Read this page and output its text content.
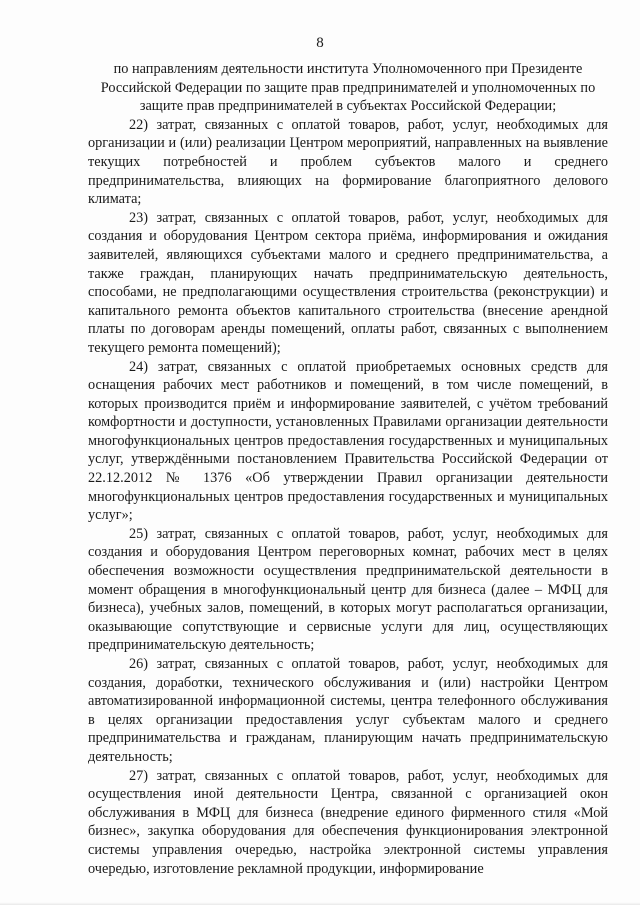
8

по направлениям деятельности института Уполномоченного при Президенте Российской Федерации по защите прав предпринимателей и уполномоченных по защите прав предпринимателей в субъектах Российской Федерации;

22) затрат, связанных с оплатой товаров, работ, услуг, необходимых для организации и (или) реализации Центром мероприятий, направленных на выявление текущих потребностей и проблем субъектов малого и среднего предпринимательства, влияющих на формирование благоприятного делового климата;

23) затрат, связанных с оплатой товаров, работ, услуг, необходимых для создания и оборудования Центром сектора приёма, информирования и ожидания заявителей, являющихся субъектами малого и среднего предпринимательства, а также граждан, планирующих начать предпринимательскую деятельность, способами, не предполагающими осуществления строительства (реконструкции) и капитального ремонта объектов капитального строительства (внесение арендной платы по договорам аренды помещений, оплаты работ, связанных с выполнением текущего ремонта помещений);

24) затрат, связанных с оплатой приобретаемых основных средств для оснащения рабочих мест работников и помещений, в том числе помещений, в которых производится приём и информирование заявителей, с учётом требований комфортности и доступности, установленных Правилами организации деятельности многофункциональных центров предоставления государственных и муниципальных услуг, утверждёнными постановлением Правительства Российской Федерации от 22.12.2012 № 1376 «Об утверждении Правил организации деятельности многофункциональных центров предоставления государственных и муниципальных услуг»;

25) затрат, связанных с оплатой товаров, работ, услуг, необходимых для создания и оборудования Центром переговорных комнат, рабочих мест в целях обеспечения возможности осуществления предпринимательской деятельности в момент обращения в многофункциональный центр для бизнеса (далее – МФЦ для бизнеса), учебных залов, помещений, в которых могут располагаться организации, оказывающие сопутствующие и сервисные услуги для лиц, осуществляющих предпринимательскую деятельность;

26) затрат, связанных с оплатой товаров, работ, услуг, необходимых для создания, доработки, технического обслуживания и (или) настройки Центром автоматизированной информационной системы, центра телефонного обслуживания в целях организации предоставления услуг субъектам малого и среднего предпринимательства и гражданам, планирующим начать предпринимательскую деятельность;

27) затрат, связанных с оплатой товаров, работ, услуг, необходимых для осуществления иной деятельности Центра, связанной с организацией окон обслуживания в МФЦ для бизнеса (внедрение единого фирменного стиля «Мой бизнес», закупка оборудования для обеспечения функционирования электронной системы управления очередью, настройка электронной системы управления очередью, изготовление рекламной продукции, информирование
